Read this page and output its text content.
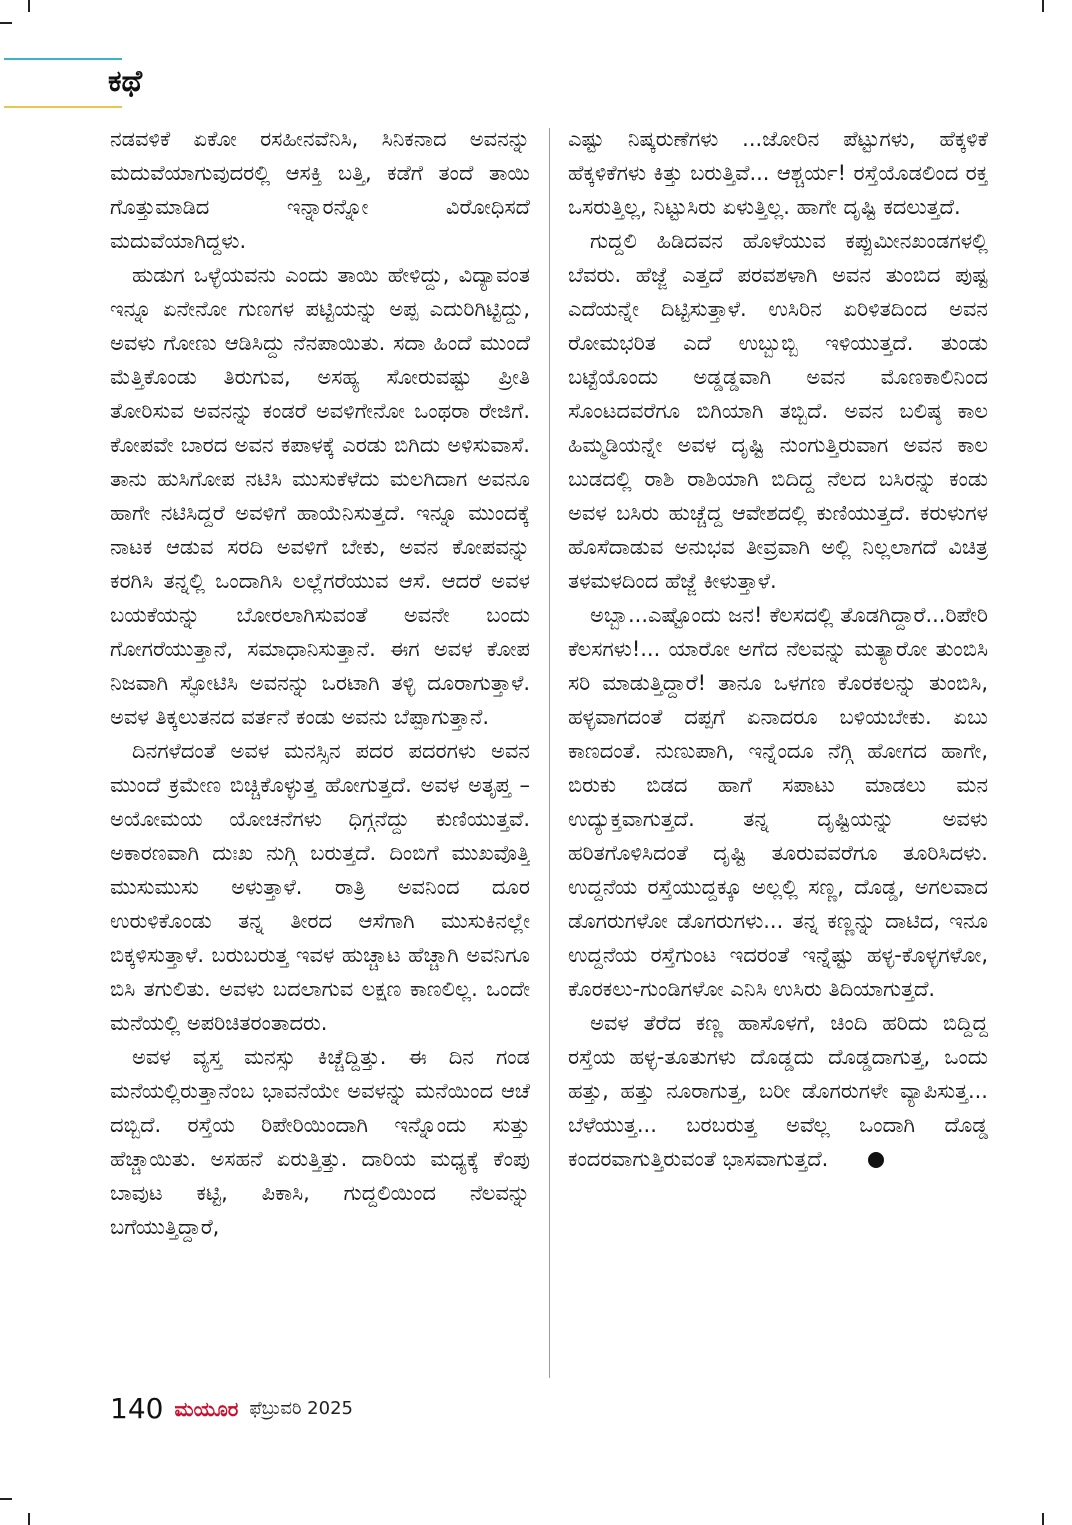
ಕಥೆ

ನಡವಳಿಕೆ ಏಕೋ ರಸಹೀನವೆನಿಸಿ, ಸಿನಿಕನಾದ ಅವನನ್ನು ಮದುವೆಯಾಗುವುದರಲ್ಲಿ ಆಸಕ್ತಿ ಬತ್ತಿ, ಕಡೆಗೆ ತಂದೆ ತಾಯಿ ಗೊತ್ತುಮಾಡಿದ ಇನ್ನಾರನ್ನೋ ವಿರೋಧಿಸದೆ ಮದುವೆಯಾಗಿದ್ದಳು.

ಹುಡುಗ ಒಳ್ಳೆಯವನು ಎಂದು ತಾಯಿ ಹೇಳಿದ್ದು, ವಿದ್ಯಾವಂತ ಇನ್ನೂ ಏನೇನೋ ಗುಣಗಳ ಪಟ್ಟಿಯನ್ನು ಅಪ್ಪ ಎದುರಿಗಿಟ್ಟಿದ್ದು, ಅವಳು ಗೋಣು ಆಡಿಸಿದ್ದು ನೆನಪಾಯಿತು. ಸದಾ ಹಿಂದೆ ಮುಂದೆ ಮೆತ್ತಿಕೊಂಡು ತಿರುಗುವ, ಅಸಹ್ಯ ಸೋರುವಷ್ಟು ಪ್ರೀತಿ ತೋರಿಸುವ ಅವನನ್ನು ಕಂಡರೆ ಅವಳಿಗೇನೋ ಒಂಥರಾ ರೇಜಿಗೆ. ಕೋಪವೇ ಬಾರದ ಅವನ ಕಪಾಳಕ್ಕೆ ಎರಡು ಬಿಗಿದು ಅಳಿಸುವಾಸೆ. ತಾನು ಹುಸಿಗೋಪ ನಟಿಸಿ ಮುಸುಕೆಳೆದು ಮಲಗಿದಾಗ ಅವನೂ ಹಾಗೇ ನಟಿಸಿದ್ದರೆ ಅವಳಿಗೆ ಹಾಯೆನಿಸುತ್ತದೆ. ಇನ್ನೂ ಮುಂದಕ್ಕೆ ನಾಟಕ ಆಡುವ ಸರದಿ ಅವಳಿಗೆ ಬೇಕು, ಅವನ ಕೋಪವನ್ನು ಕರಗಿಸಿ ತನ್ನಲ್ಲಿ ಒಂದಾಗಿಸಿ ಲಲ್ಲೆಗರೆಯುವ ಆಸೆ. ಆದರೆ ಅವಳ ಬಯಕೆಯನ್ನು ಬೋರಲಾಗಿಸುವಂತೆ ಅವನೇ ಬಂದು ಗೋಗರೆಯುತ್ತಾನೆ, ಸಮಾಧಾನಿಸುತ್ತಾನೆ. ಈಗ ಅವಳ ಕೋಪ ನಿಜವಾಗಿ ಸ್ಫೋಟಿಸಿ ಅವನನ್ನು ಒರಟಾಗಿ ತಳ್ಳಿ ದೂರಾಗುತ್ತಾಳೆ. ಅವಳ ತಿಕ್ಕಲುತನದ ವರ್ತನೆ ಕಂಡು ಅವನು ಬೆಪ್ಪಾಗುತ್ತಾನೆ.

ದಿನಗಳೆದಂತೆ ಅವಳ ಮನಸ್ಸಿನ ಪದರ ಪದರಗಳು ಅವನ ಮುಂದೆ ಕ್ರಮೇಣ ಬಿಚ್ಚಿಕೊಳ್ಳುತ್ತ ಹೋಗುತ್ತದೆ. ಅವಳ ಅತೃಪ್ತ – ಅಯೋಮಯ ಯೋಚನೆಗಳು ಧಿಗ್ಗನೆದ್ದು ಕುಣಿಯುತ್ತವೆ. ಅಕಾರಣವಾಗಿ ದುಃಖ ನುಗ್ಗಿ ಬರುತ್ತದೆ. ದಿಂಬಿಗೆ ಮುಖವೊತ್ತಿ ಮುಸುಮುಸು ಅಳುತ್ತಾಳೆ. ರಾತ್ರಿ ಅವನಿಂದ ದೂರ ಉರುಳಿಕೊಂಡು ತನ್ನ ತೀರದ ಆಸೆಗಾಗಿ ಮುಸುಕಿನಲ್ಲೇ ಬಿಕ್ಕಳಿಸುತ್ತಾಳೆ. ಬರುಬರುತ್ತ ಇವಳ ಹುಚ್ಚಾಟ ಹೆಚ್ಚಾಗಿ ಅವನಿಗೂ ಬಿಸಿ ತಗುಲಿತು. ಅವಳು ಬದಲಾಗುವ ಲಕ್ಷಣ ಕಾಣಲಿಲ್ಲ. ಒಂದೇ ಮನೆಯಲ್ಲಿ ಅಪರಿಚಿತರಂತಾದರು.

ಅವಳ ವ್ಯಸ್ತ ಮನಸ್ಸು ಕಿಚ್ಚೆದ್ದಿತ್ತು. ಈ ದಿನ ಗಂಡ ಮನೆಯಲ್ಲಿರುತ್ತಾನೆಂಬ ಭಾವನೆಯೇ ಅವಳನ್ನು ಮನೆಯಿಂದ ಆಚೆ ದಬ್ಬಿದೆ. ರಸ್ತೆಯ ರಿಪೇರಿಯಿಂದಾಗಿ ಇನ್ನೊಂದು ಸುತ್ತು ಹೆಚ್ಚಾಯಿತು. ಅಸಹನೆ ಏರುತ್ತಿತ್ತು. ದಾರಿಯ ಮಧ್ಯಕ್ಕೆ ಕೆಂಪು ಬಾವುಟ ಕಟ್ಟಿ, ಪಿಕಾಸಿ, ಗುದ್ದಲಿಯಿಂದ ನೆಲವನ್ನು ಬಗೆಯುತ್ತಿದ್ದಾರೆ,

ಎಷ್ಟು ನಿಷ್ಕರುಣೆಗಳು ...ಜೋರಿನ ಪೆಟ್ಟುಗಳು, ಹೆಕ್ಕಳಿಕೆ ಹೆಕ್ಕಳಿಕೆಗಳು ಕಿತ್ತು ಬರುತ್ತಿವೆ... ಆಶ್ಚರ್ಯ! ರಸ್ತೆಯೊಡಲಿಂದ ರಕ್ತ ಒಸರುತ್ತಿಲ್ಲ, ನಿಟ್ಟುಸಿರು ಏಳುತ್ತಿಲ್ಲ. ಹಾಗೇ ದೃಷ್ಟಿ ಕದಲುತ್ತದೆ.

ಗುದ್ದಲಿ ಹಿಡಿದವನ ಹೊಳೆಯುವ ಕಪ್ಪುಮೀನಖಂಡಗಳಲ್ಲಿ ಬೆವರು. ಹೆಜ್ಜೆ ಎತ್ತದೆ ಪರವಶಳಾಗಿ ಅವನ ತುಂಬಿದ ಪುಷ್ಟ ಎದೆಯನ್ನೇ ದಿಟ್ಟಿಸುತ್ತಾಳೆ. ಉಸಿರಿನ ಏರಿಳಿತದಿಂದ ಅವನ ರೋಮಭರಿತ ಎದೆ ಉಬ್ಬುಬ್ಬಿ ಇಳಿಯುತ್ತದೆ. ತುಂಡು ಬಟ್ಟೆಯೊಂದು ಅಡ್ಡಡ್ಡವಾಗಿ ಅವನ ಮೊಣಕಾಲಿನಿಂದ ಸೊಂಟದವರೆಗೂ ಬಿಗಿಯಾಗಿ ತಬ್ಬಿದೆ. ಅವನ ಬಲಿಷ್ಠ ಕಾಲ ಹಿಮ್ಮಡಿಯನ್ನೇ ಅವಳ ದೃಷ್ಟಿ ನುಂಗುತ್ತಿರುವಾಗ ಅವನ ಕಾಲ ಬುಡದಲ್ಲಿ ರಾಶಿ ರಾಶಿಯಾಗಿ ಬಿದಿದ್ದ ನೆಲದ ಬಸಿರನ್ನು ಕಂಡು ಅವಳ ಬಸಿರು ಹುಚ್ಚೆದ್ದ ಆವೇಶದಲ್ಲಿ ಕುಣಿಯುತ್ತದೆ. ಕರುಳುಗಳ ಹೊಸೆದಾಡುವ ಅನುಭವ ತೀವ್ರವಾಗಿ ಅಲ್ಲಿ ನಿಲ್ಲಲಾಗದೆ ವಿಚಿತ್ರ ತಳಮಳದಿಂದ ಹೆಜ್ಜೆ ಕೀಳುತ್ತಾಳೆ.

ಅಬ್ಬಾ...ಎಷ್ಟೊಂದು ಜನ! ಕೆಲಸದಲ್ಲಿ ತೊಡಗಿದ್ದಾರೆ...ರಿಪೇರಿ ಕೆಲಸಗಳು!... ಯಾರೋ ಅಗೆದ ನೆಲವನ್ನು ಮತ್ಯಾರೋ ತುಂಬಿಸಿ ಸರಿ ಮಾಡುತ್ತಿದ್ದಾರೆ! ತಾನೂ ಒಳಗಣ ಕೊರಕಲನ್ನು ತುಂಬಿಸಿ, ಹಳ್ಳವಾಗದಂತೆ ದಪ್ಪಗೆ ಏನಾದರೂ ಬಳಿಯಬೇಕು. ಏಬು ಕಾಣದಂತೆ. ನುಣುಪಾಗಿ, ಇನ್ನೆಂದೂ ನೆಗ್ಗಿ ಹೋಗದ ಹಾಗೇ, ಬಿರುಕು ಬಿಡದ ಹಾಗೆ ಸಪಾಟು ಮಾಡಲು ಮನ ಉದ್ಯುಕ್ತವಾಗುತ್ತದೆ. ತನ್ನ ದೃಷ್ಟಿಯನ್ನು ಅವಳು ಹರಿತಗೊಳಿಸಿದಂತೆ ದೃಷ್ಟಿ ತೂರುವವರೆಗೂ ತೂರಿಸಿದಳು. ಉದ್ದನೆಯ ರಸ್ತೆಯುದ್ದಕ್ಕೂ ಅಲ್ಲಲ್ಲಿ ಸಣ್ಣ, ದೊಡ್ಡ, ಅಗಲವಾದ ಡೊಗರುಗಳೋ ಡೊಗರುಗಳು... ತನ್ನ ಕಣ್ಣನ್ನು ದಾಟಿದ, ಇನೂ ಉದ್ದನೆಯ ರಸ್ತೆಗುಂಟ ಇದರಂತೆ ಇನ್ನೆಷ್ಟು ಹಳ್ಳ-ಕೊಳ್ಳಗಳೋ, ಕೊರಕಲು-ಗುಂಡಿಗಳೋ ಎನಿಸಿ ಉಸಿರು ತಿದಿಯಾಗುತ್ತದೆ.

ಅವಳ ತೆರೆದ ಕಣ್ಣ ಹಾಸೊಳಗೆ, ಚಿಂದಿ ಹರಿದು ಬಿದ್ದಿದ್ದ ರಸ್ತೆಯ ಹಳ್ಳ-ತೂತುಗಳು ದೊಡ್ಡದು ದೊಡ್ಡದಾಗುತ್ತ, ಒಂದು ಹತ್ತು, ಹತ್ತು ನೂರಾಗುತ್ತ, ಬರೀ ಡೊಗರುಗಳೇ ವ್ಯಾಪಿಸುತ್ತ... ಬೆಳೆಯುತ್ತ... ಬರಬರುತ್ತ ಅವೆಲ್ಲ ಒಂದಾಗಿ ದೊಡ್ಡ ಕಂದರವಾಗುತ್ತಿರುವಂತೆ ಭಾಸವಾಗುತ್ತದೆ.

140 ಮಯೂರ ಫೆಬ್ರುವರಿ 2025
